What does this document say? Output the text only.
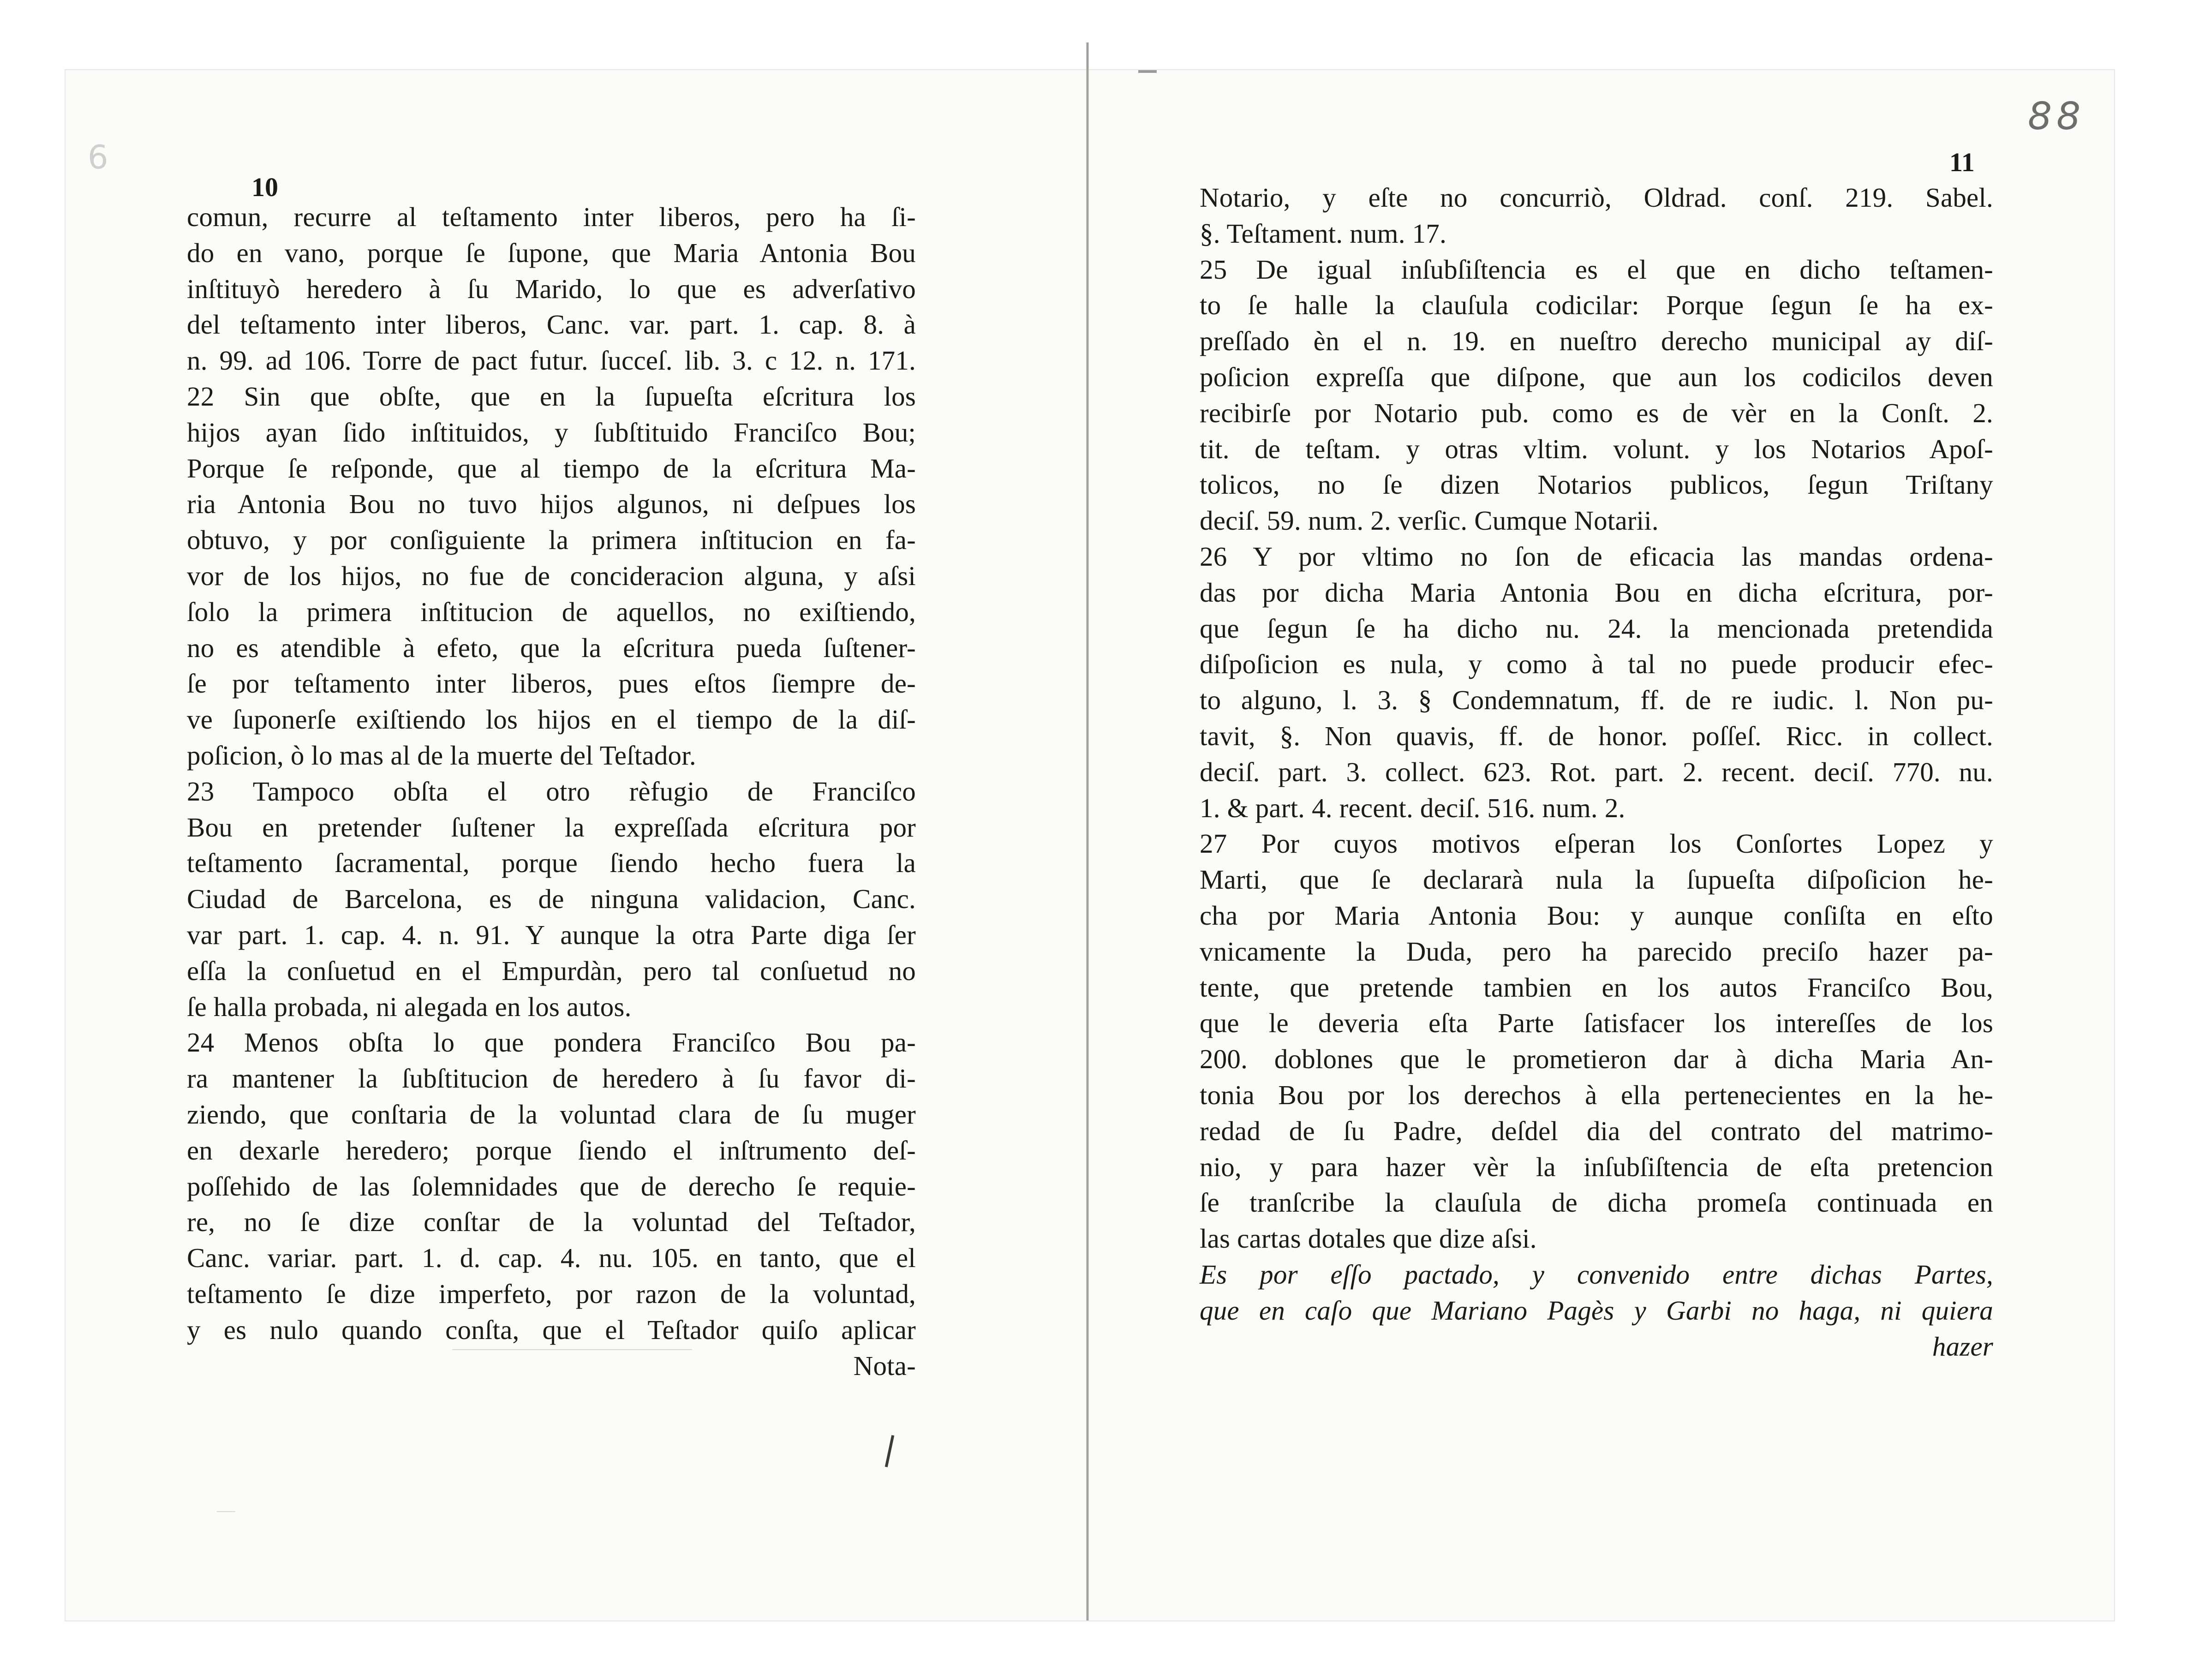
6
10
comun, recurre al teſtamento inter liberos, pero ha ſi-
do en vano, porque ſe ſupone, que Maria Antonia Bou
inſtituyò heredero à ſu Marido, lo que es adverſativo
del teſtamento inter liberos, Canc. var. part. 1. cap. 8. à
n. 99. ad 106. Torre de pact futur. ſucceſ. lib. 3. c 12. n. 171.
22 Sin que obſte, que en la ſupueſta eſcritura los
hijos ayan ſido inſtituidos, y ſubſtituido Franciſco Bou;
Porque ſe reſponde, que al tiempo de la eſcritura Ma-
ria Antonia Bou no tuvo hijos algunos, ni deſpues los
obtuvo, y por conſiguiente la primera inſtitucion en fa-
vor de los hijos, no fue de concideracion alguna, y aſsi
ſolo la primera inſtitucion de aquellos, no exiſtiendo,
no es atendible à efeto, que la eſcritura pueda ſuſtener-
ſe por teſtamento inter liberos, pues eſtos ſiempre de-
ve ſuponerſe exiſtiendo los hijos en el tiempo de la diſ-
poſicion, ò lo mas al de la muerte del Teſtador.
23 Tampoco obſta el otro rèfugio de Franciſco
Bou en pretender ſuſtener la expreſſada eſcritura por
teſtamento ſacramental, porque ſiendo hecho fuera la
Ciudad de Barcelona, es de ninguna validacion, Canc.
var part. 1. cap. 4. n. 91. Y aunque la otra Parte diga ſer
eſſa la conſuetud en el Empurdàn, pero tal conſuetud no
ſe halla probada, ni alegada en los autos.
24 Menos obſta lo que pondera Franciſco Bou pa-
ra mantener la ſubſtitucion de heredero à ſu favor di-
ziendo, que conſtaria de la voluntad clara de ſu muger
en dexarle heredero; porque ſiendo el inſtrumento deſ-
poſſehido de las ſolemnidades que de derecho ſe requie-
re, no ſe dize conſtar de la voluntad del Teſtador,
Canc. variar. part. 1. d. cap. 4. nu. 105. en tanto, que el
teſtamento ſe dize imperfeto, por razon de la voluntad,
y es nulo quando conſta, que el Teſtador quiſo aplicar
Nota-
88
11
Notario, y eſte no concurriò, Oldrad. conſ. 219. Sabel.
§. Teſtament. num. 17.
25 De igual inſubſiſtencia es el que en dicho teſtamen-
to ſe halle la clauſula codicilar: Porque ſegun ſe ha ex-
preſſado èn el n. 19. en nueſtro derecho municipal ay diſ-
poſicion expreſſa que diſpone, que aun los codicilos deven
recibirſe por Notario pub. como es de vèr en la Conſt. 2.
tit. de teſtam. y otras vltim. volunt. y los Notarios Apoſ-
tolicos, no ſe dizen Notarios publicos, ſegun Triſtany
deciſ. 59. num. 2. verſic. Cumque Notarii.
26 Y por vltimo no ſon de eficacia las mandas ordena-
das por dicha Maria Antonia Bou en dicha eſcritura, por-
que ſegun ſe ha dicho nu. 24. la mencionada pretendida
diſpoſicion es nula, y como à tal no puede producir efec-
to alguno, l. 3. § Condemnatum, ff. de re iudic. l. Non pu-
tavit, §. Non quavis, ff. de honor. poſſeſ. Ricc. in collect.
deciſ. part. 3. collect. 623. Rot. part. 2. recent. deciſ. 770. nu.
1. & part. 4. recent. deciſ. 516. num. 2.
27 Por cuyos motivos eſperan los Conſortes Lopez y
Marti, que ſe declararà nula la ſupueſta diſpoſicion he-
cha por Maria Antonia Bou: y aunque conſiſta en eſto
vnicamente la Duda, pero ha parecido preciſo hazer pa-
tente, que pretende tambien en los autos Franciſco Bou,
que le deveria eſta Parte ſatisfacer los intereſſes de los
200. doblones que le prometieron dar à dicha Maria An-
tonia Bou por los derechos à ella pertenecientes en la he-
redad de ſu Padre, deſdel dia del contrato del matrimo-
nio, y para hazer vèr la inſubſiſtencia de eſta pretencion
ſe tranſcribe la clauſula de dicha promeſa continuada en
las cartas dotales que dize aſsi.
Es por eſſo pactado, y convenido entre dichas Partes,
que en caſo que Mariano Pagès y Garbi no haga, ni quiera
hazer
